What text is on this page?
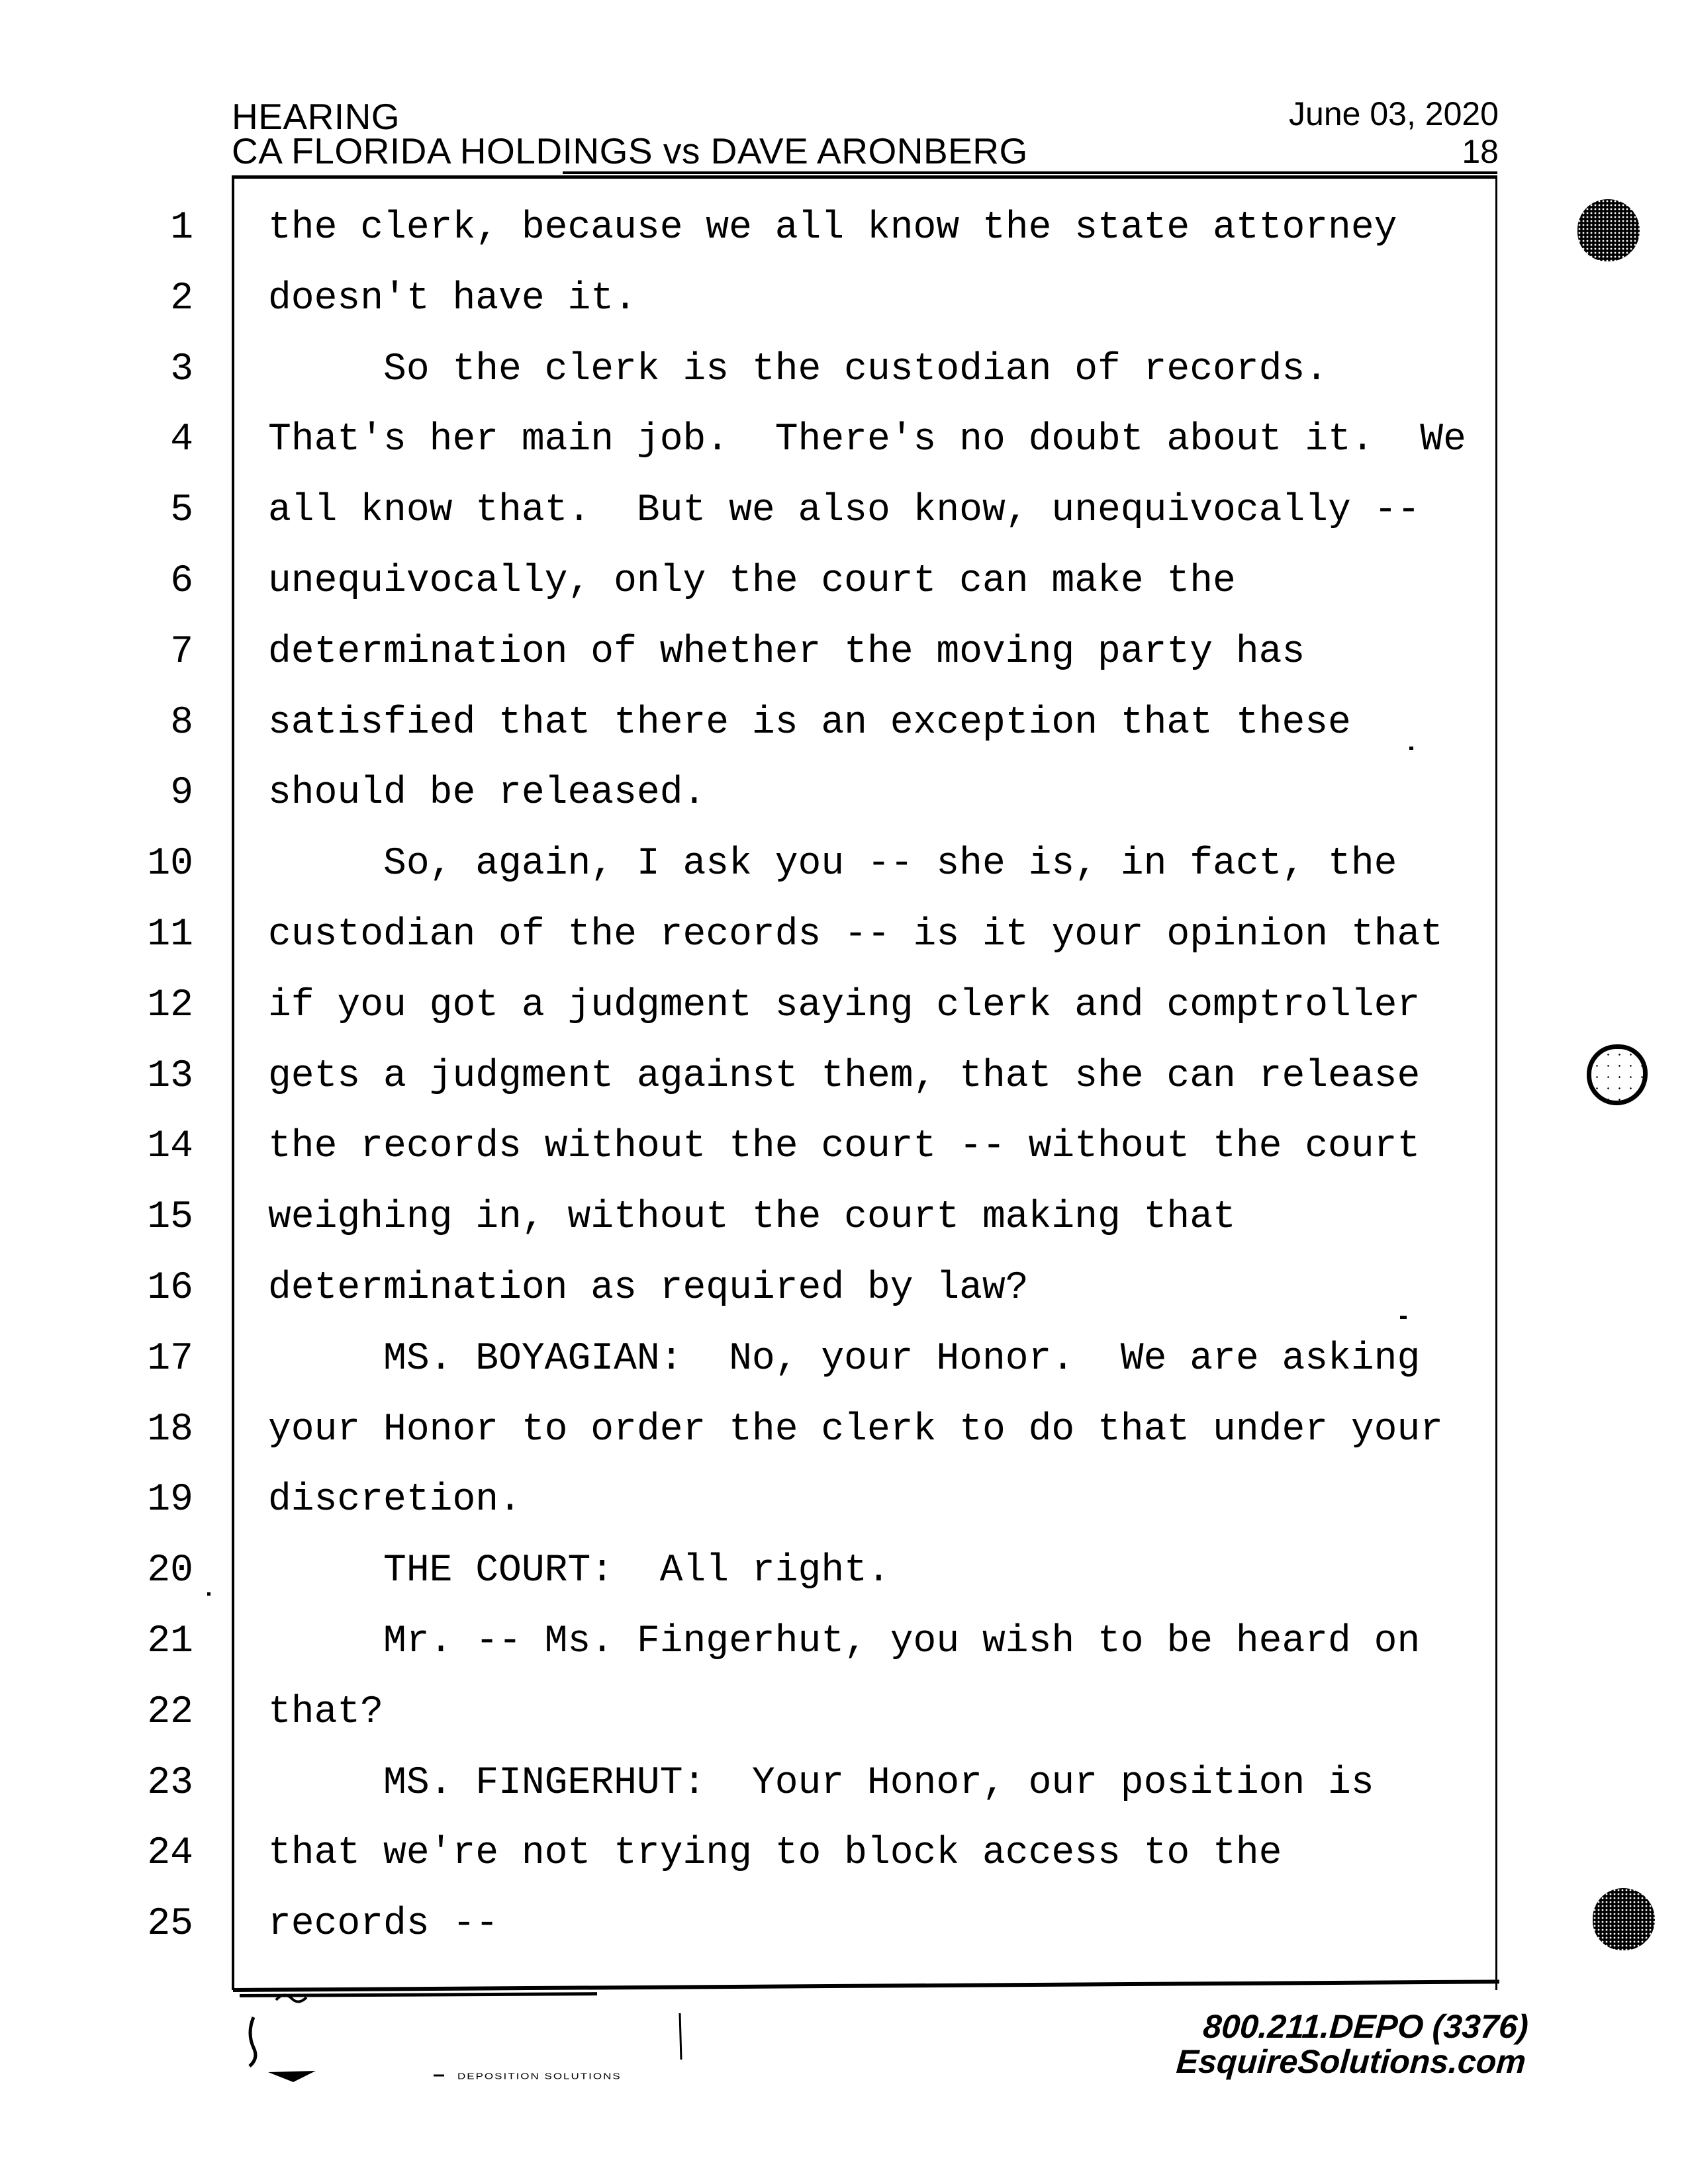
HEARING
CA FLORIDA HOLDINGS vs DAVE ARONBERG
June 03, 2020
18
1 the clerk, because we all know the state attorney
2 doesn't have it.
3     So the clerk is the custodian of records.
4 That's her main job.  There's no doubt about it.  We
5 all know that.  But we also know, unequivocally --
6 unequivocally, only the court can make the
7 determination of whether the moving party has
8 satisfied that there is an exception that these
9 should be released.
10     So, again, I ask you -- she is, in fact, the
11 custodian of the records -- is it your opinion that
12 if you got a judgment saying clerk and comptroller
13 gets a judgment against them, that she can release
14 the records without the court -- without the court
15 weighing in, without the court making that
16 determination as required by law?
17     MS. BOYAGIAN:  No, your Honor.  We are asking
18 your Honor to order the clerk to do that under your
19 discretion.
20     THE COURT:  All right.
21     Mr. -- Ms. Fingerhut, you wish to be heard on
22 that?
23     MS. FINGERHUT:  Your Honor, our position is
24 that we're not trying to block access to the
25 records --
DEPOSITION SOLUTIONS
800.211.DEPO (3376)
EsquireSolutions.com
